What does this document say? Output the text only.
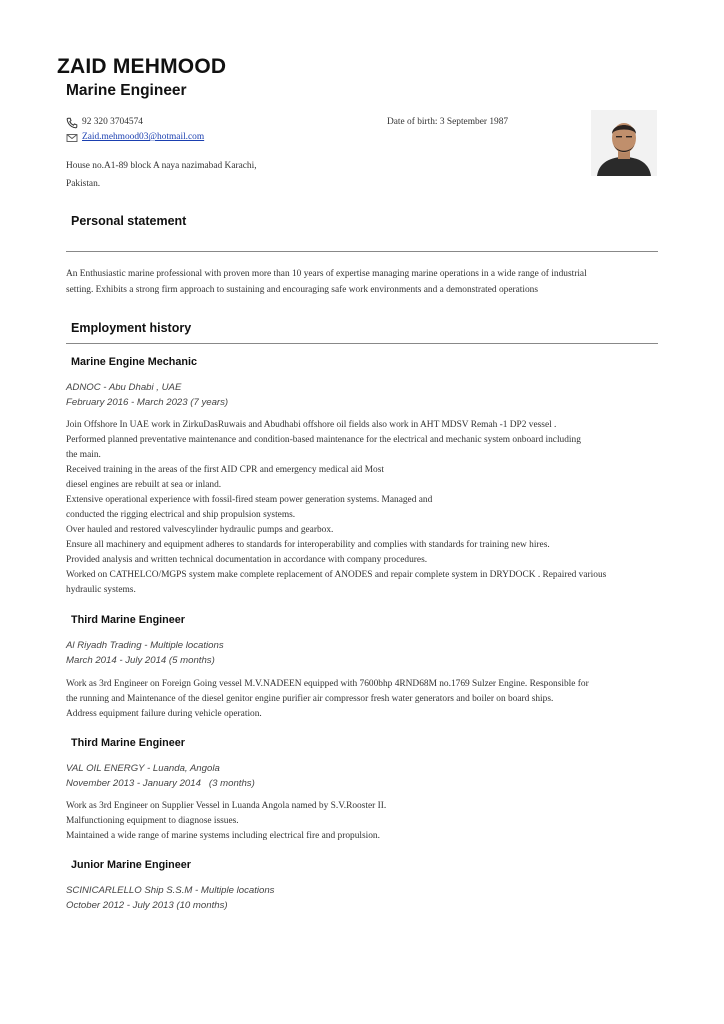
ZAID MEHMOOD
Marine Engineer
92 320 3704574
Zaid.mehmood03@hotmail.com
Date of birth: 3 September 1987
House no.A1-89 block A naya nazimabad Karachi,
Pakistan.
Personal statement
An Enthusiastic marine professional with proven more than 10 years of expertise managing marine operations in a wide range of industrial
setting. Exhibits a strong firm approach to sustaining and encouraging safe work environments and a demonstrated operations
Employment history
Marine Engine Mechanic
ADNOC - Abu Dhabi , UAE
February 2016 - March 2023 (7 years)
Join Offshore In UAE work in ZirkuDasRuwais and Abudhabi offshore oil fields also work in AHT MDSV Remah -1 DP2 vessel .
Performed planned preventative maintenance and condition-based maintenance for the electrical and mechanic system onboard including
the main.
Received training in the areas of the first AID CPR and emergency medical aid Most
diesel engines are rebuilt at sea or inland.
Extensive operational experience with fossil-fired steam power generation systems. Managed and
conducted the rigging electrical and ship propulsion systems.
Over hauled and restored valvescylinder hydraulic pumps and gearbox.
Ensure all machinery and equipment adheres to standards for interoperability and complies with standards for training new hires.
Provided analysis and written technical documentation in accordance with company procedures.
Worked on CATHELCO/MGPS system make complete replacement of ANODES and repair complete system in DRYDOCK . Repaired various
hydraulic systems.
Third Marine Engineer
Al Riyadh Trading - Multiple locations
March 2014 - July 2014 (5 months)
Work as 3rd Engineer on Foreign Going vessel M.V.NADEEN equipped with 7600bhp 4RND68M no.1769 Sulzer Engine. Responsible for
the running and Maintenance of the diesel genitor engine purifier air compressor fresh water generators and boiler on board ships.
Address equipment failure during vehicle operation.
Third Marine Engineer
VAL OIL ENERGY - Luanda, Angola
November 2013 - January 2014   (3 months)
Work as 3rd Engineer on Supplier Vessel in Luanda Angola named by S.V.Rooster II.
Malfunctioning equipment to diagnose issues.
Maintained a wide range of marine systems including electrical fire and propulsion.
Junior Marine Engineer
SCINICARLELLO Ship S.S.M - Multiple locations
October 2012 - July 2013 (10 months)
